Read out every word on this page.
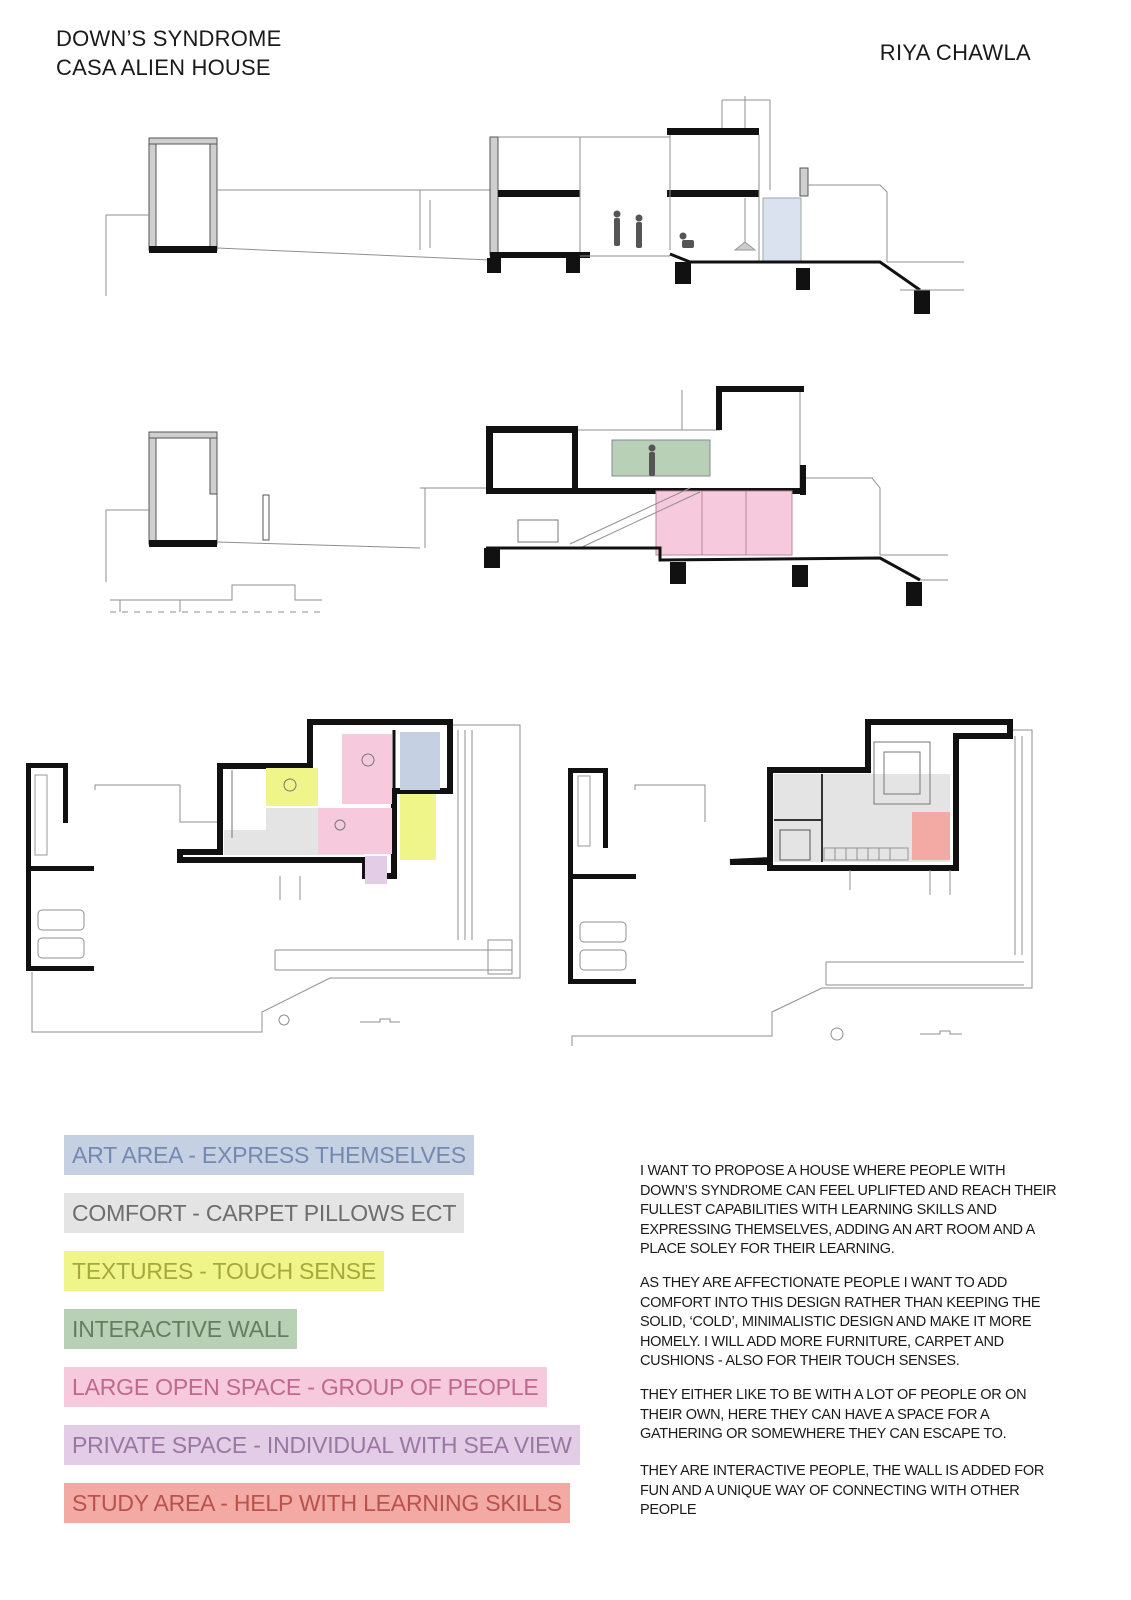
DOWN’S SYNDROME
CASA ALIEN HOUSE
RIYA CHAWLA
ART AREA - EXPRESS THEMSELVES
COMFORT - CARPET PILLOWS ECT
TEXTURES - TOUCH SENSE
INTERACTIVE WALL
LARGE OPEN SPACE - GROUP OF PEOPLE
PRIVATE SPACE - INDIVIDUAL WITH SEA VIEW
STUDY AREA - HELP WITH LEARNING SKILLS
I WANT TO PROPOSE A HOUSE WHERE PEOPLE WITH DOWN’S SYNDROME CAN FEEL UPLIFTED AND REACH THEIR FULLEST CAPABILITIES WITH LEARNING SKILLS AND EXPRESSING THEMSELVES, ADDING AN ART ROOM AND A PLACE SOLEY FOR THEIR LEARNING.
AS THEY ARE AFFECTIONATE PEOPLE I WANT TO ADD COMFORT INTO THIS DESIGN RATHER THAN KEEPING THE SOLID, ‘COLD’, MINIMALISTIC DESIGN AND MAKE IT MORE HOMELY. I WILL ADD MORE FURNITURE, CARPET AND CUSHIONS - ALSO FOR THEIR TOUCH SENSES.
THEY EITHER LIKE TO BE WITH A LOT OF PEOPLE OR ON THEIR OWN, HERE THEY CAN HAVE A SPACE FOR A GATHERING OR SOMEWHERE THEY CAN ESCAPE TO.
THEY ARE INTERACTIVE PEOPLE, THE WALL IS ADDED FOR FUN AND A UNIQUE WAY OF CONNECTING WITH OTHER PEOPLE
